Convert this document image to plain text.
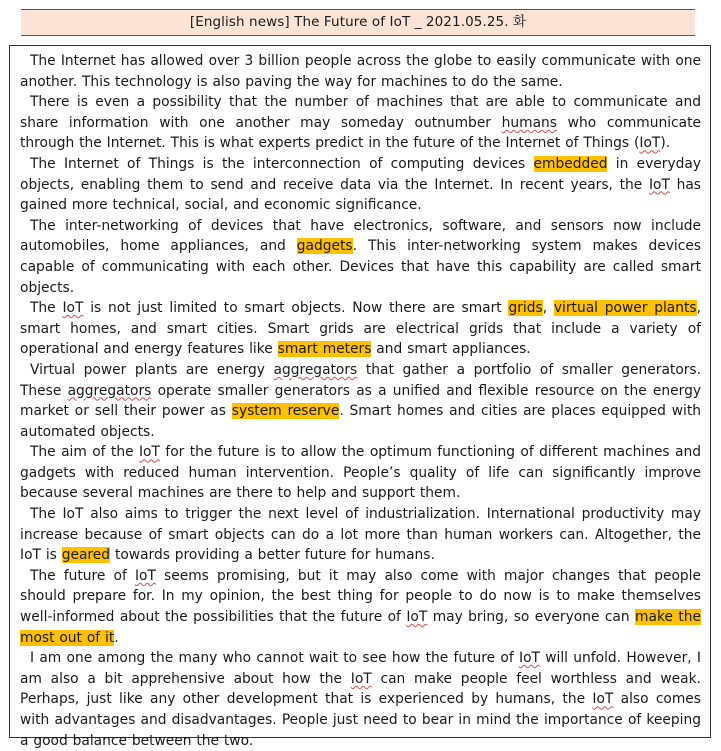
[English news] The Future of IoT _ 2021.05.25. 화

The Internet has allowed over 3 billion people across the globe to easily communicate with one another. This technology is also paving the way for machines to do the same.

There is even a possibility that the number of machines that are able to communicate and share information with one another may someday outnumber humans who communicate through the Internet. This is what experts predict in the future of the Internet of Things (IoT).

The Internet of Things is the interconnection of computing devices embedded in everyday objects, enabling them to send and receive data via the Internet. In recent years, the IoT has gained more technical, social, and economic significance.

The inter-networking of devices that have electronics, software, and sensors now include automobiles, home appliances, and gadgets. This inter-networking system makes devices capable of communicating with each other. Devices that have this capability are called smart objects.

The IoT is not just limited to smart objects. Now there are smart grids, virtual power plants, smart homes, and smart cities. Smart grids are electrical grids that include a variety of operational and energy features like smart meters and smart appliances.

Virtual power plants are energy aggregators that gather a portfolio of smaller generators. These aggregators operate smaller generators as a unified and flexible resource on the energy market or sell their power as system reserve. Smart homes and cities are places equipped with automated objects.

The aim of the IoT for the future is to allow the optimum functioning of different machines and gadgets with reduced human intervention. People’s quality of life can significantly improve because several machines are there to help and support them.

The IoT also aims to trigger the next level of industrialization. International productivity may increase because of smart objects can do a lot more than human workers can. Altogether, the IoT is geared towards providing a better future for humans.

The future of IoT seems promising, but it may also come with major changes that people should prepare for. In my opinion, the best thing for people to do now is to make themselves well-informed about the possibilities that the future of IoT may bring, so everyone can make the most out of it.

I am one among the many who cannot wait to see how the future of IoT will unfold. However, I am also a bit apprehensive about how the IoT can make people feel worthless and weak. Perhaps, just like any other development that is experienced by humans, the IoT also comes with advantages and disadvantages. People just need to bear in mind the importance of keeping a good balance between the two.
